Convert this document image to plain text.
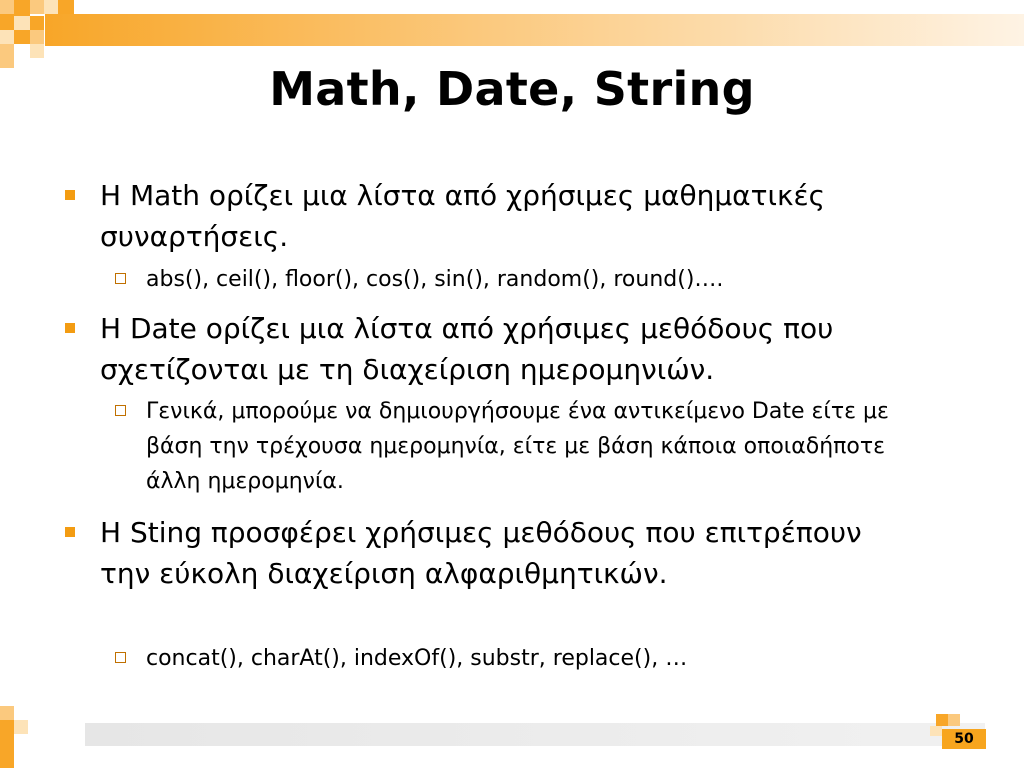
50
Math, Date, String
H Math ορίζει μια λίστα από χρήσιμες μαθηματικές συναρτήσεις.
abs(), ceil(), floor(), cos(), sin(), random(), round()….
H Date ορίζει μια λίστα από χρήσιμες μεθόδους που σχετίζονται με τη διαχείριση ημερομηνιών.
Γενικά, μπορούμε να δημιουργήσουμε ένα αντικείμενο Date είτε με βάση την τρέχουσα ημερομηνία, είτε με βάση κάποια οποιαδήποτε άλλη ημερομηνία.
H Sting προσφέρει χρήσιμες μεθόδους που επιτρέπουν την εύκολη διαχείριση αλφαριθμητικών.
concat(), charAt(), indexOf(), substr, replace(), …
